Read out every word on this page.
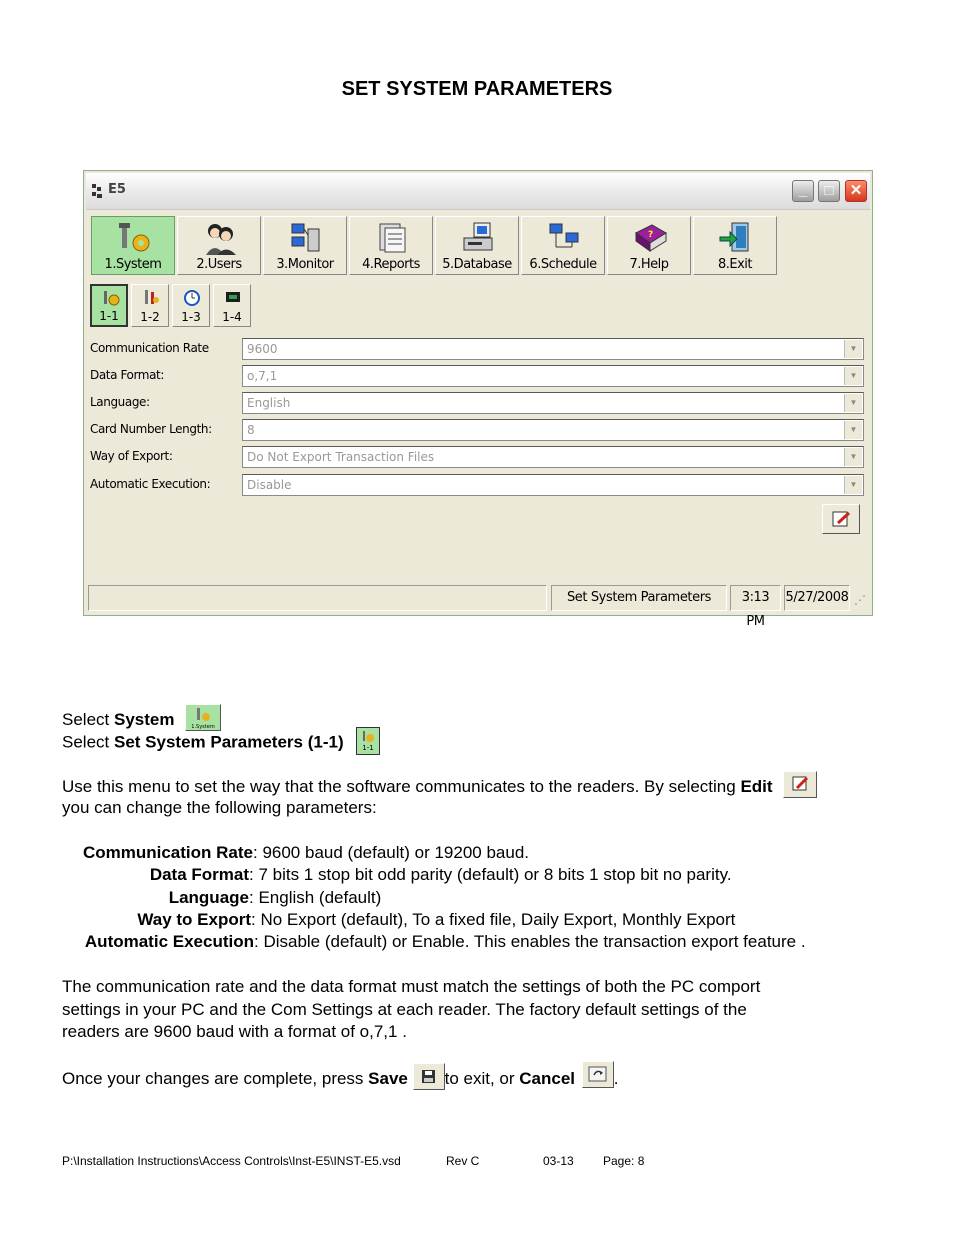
SET SYSTEM PARAMETERS
E5	_	□	✕
1.System	2.Users	3.Monitor	4.Reports	5.Database	6.Schedule
?
7.Help	8.Exit
1-1	1-2	1-3	1-4
Communication Rate	9600	▼
Data Format:	o,7,1	▼
Language:	English	▼
Card Number Length:	8	▼
Way of Export:	Do Not Export Transaction Files	▼
Automatic Execution:	Disable	▼
Set System Parameters	3:13 PM
5/27/2008 ⋰
Select System	1.System
Select Set System Parameters (1-1)	1-1
Use this menu to set the way that the software communicates to the readers. By selecting Edit
you can change the following parameters:
Communication Rate : 9600 baud (default) or 19200 baud.
Data Format : 7 bits 1 stop bit odd parity (default) or 8 bits 1 stop bit no parity.
Language : English (default)
Way to Export : No Export (default), To a fixed file, Daily Export, Monthly Export
Automatic Execution : Disable (default) or Enable. This enables the transaction export feature .
The communication rate and the data format must match the settings of both the PC comport
settings in your PC and the Com Settings at each reader. The factory default settings of the
readers are 9600 baud with a format of o,7,1 .
Once your changes are complete, press Save to exit, or Cancel .
P:\Installation Instructions\Access Controls\Inst-E5\INST-E5.vsd	Rev C	03-13 Page: 8
